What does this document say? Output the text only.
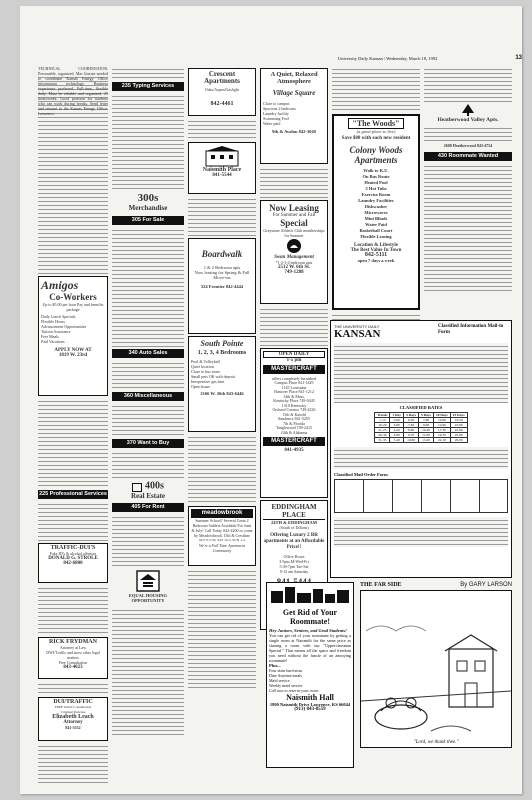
University Daily Kansan / Wednesday, March 18, 1992	13
TECHNICAL COORDINATOR. Personable, organized, Mac literate needed to coordinate Kansas Energy Office information technology. Business experience preferred. Full-time, flexible daily. Must be reliable and organized. 25 hours/week. Good position for students who can work during breaks. Send letter and résumé to the Kansas Energy Office, Lawrence.
Amigos
Co-Workers
Up to $5.00 per hour Pay and benefits package
Daily Lunch Specials
Flexible Hours
Advancement Opportunities
Tuition Assistance
Free Meals
Paid Vacations
APPLY NOW AT
1819 W. 23rd
225 Professional Services
TRAFFIC-DUI'S
Fake ID's & alcohol offenses
DONALD G. STROLE
842-6800
RICK FRYDMAN
Attorney at Law
DWI/Traffic and most other legal matters
Free Consultation
843-4023
DUI/TRAFFIC
FREE Initial Consultation
Criminal Defense
Elizabeth Leach
Attorney
841-5552
235 Typing Services
300s
Merchandise
305 For Sale
340 Auto Sales
360 Miscellaneous
370 Want to Buy
400s
Real Estate
405 For Rent
EQUAL HOUSING OPPORTUNITY
Crescent Apartments
Oaks/Aspen/Gaslight
842-4461
Naismith Place
841-5544
Boardwalk
1 & 2 Bedroom apts
Now leasing for Spring & Fall Move-ins
524 Frontier 842-4444
South Pointe
1, 2, 3, 4 Bedrooms
Pool & Volleyball
Quiet location
Close to bus route
Small pets OK with deposit
Inexpensive gas heat
Open house
2166 W. 26th 843-6446
meadowbrook
Summer School? Several Great 2 Bedroom Sublets Available For June & July! Call Today 842-4200 or come by Meadowbrook 15th & Crestline
M-F 9-5:30, SAT 10-5, SUN 1-4
We're a Full Time Apartment Community
A Quiet, Relaxed Atmosphere
Village Square
Close to campus
Spacious 2 bedroom
Laundry facility
Swimming Pool
Water paid
9th & Avalon 842-3040
Now Leasing
For Summer and Fall
Special
Graystone Athletic Club memberships for Summer
Swan Management
*1-2-3-4 bedroom apts
2512 W. 6th St.
749-1288
OPEN DAILY
1-5 pm
MASTERCRAFT
offers completely furnished
Campus Place 841-1429
1145 Louisiana
Hanover Place 841-1212
14th & Mass.
Kentucky Place 749-0445
1310 Kentucky
Orchard Corners 749-4226
15th & Kasold
Sundance 841-5255
7th & Florida
Tanglewood 749-2415
24th & Alabama
MASTERCRAFT
841-4935
EDDINGHAM PLACE
24TH & EDDINGHAM
(South of Dillons)
Offering Luxury 2 BR apartments at an Affordable Price!!
Office Hours
3-5pm M-Wed-Fri
5:30-7pm Tue-Sat
9-12 am Saturday
"The Woods"
(a great place to live)
Save $88 with each new resident
Colony Woods Apartments
Walk to K.U.
On Bus Route
Heated Pool
2 Hot Tubs
Exercise Room
Laundry Facilities
Dishwasher
Microwaves
Mini Blinds
Water Paid
Basketball Court
Flexible Leasing
Location & Lifestyle
The Best Value In Town
842-5111
open 7 days a week
Heatherwood Valley Apts.
2600 Heatherwood 843-4754
430 Roommate Wanted
THE UNIVERSITY DAILY
KANSAN
Classified Information Mail-in Form
CLASSIFIED RATES
Words	1 Day	3 Days	5 Days	10 Days	15 Days
1-15	3.00	6.30	7.60	12.60	16.50
16-20	3.60	7.40	9.00	14.90	19.60
21-25	4.20	8.60	10.40	17.30	22.80
26-30	4.80	9.70	11.80	19.70	25.90
31-35	5.40	10.80	13.20	22.10	29.00
Classified Mail Order Form
Get Rid of Your Roommate!
Hey Juniors, Seniors, and Grad Students!
You can get rid of your roommate by getting a single room at Naismith for the same price as sharing a room with our "Upperclassman Special." That means all the space and freedom you need without the hassle of an annoying roommate!
Plus...
Four done bar/extras
Dine Anytime meals
Maid service
Weekly maid service
Call now to reserve your room.
Naismith Hall
1800 Naismith Drive Lawrence, KS 66044
(913) 843-8559
THE FAR SIDE	By GARY LARSON
"Lord, we thank thee."
